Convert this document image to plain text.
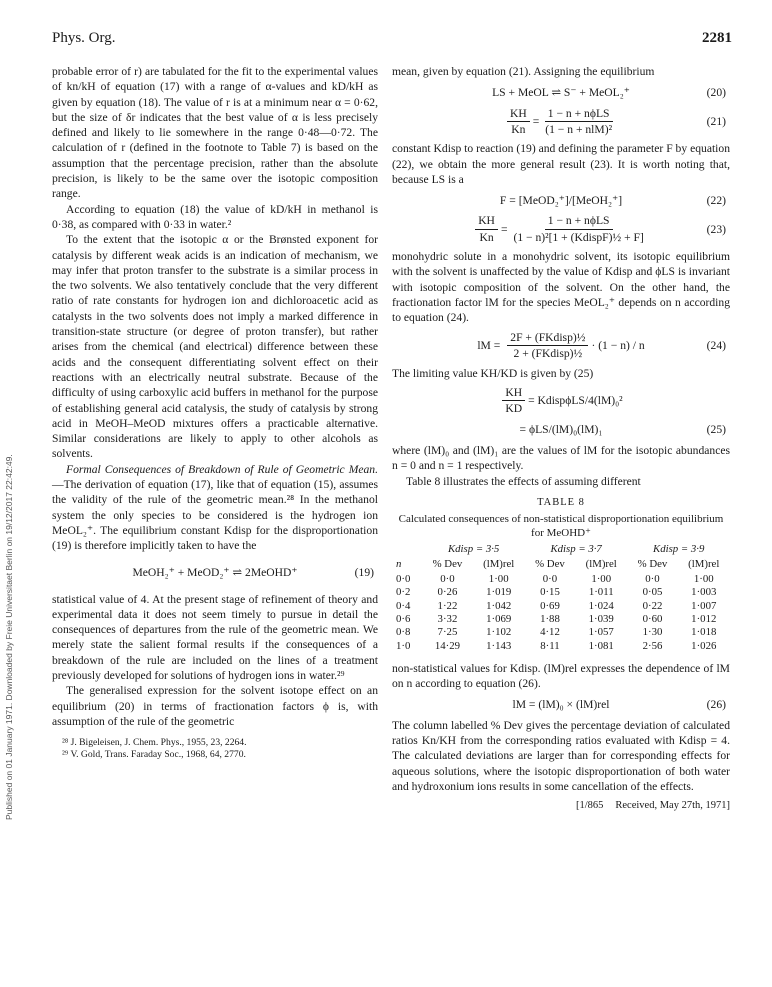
Published on 01 January 1971. Downloaded by Freie Universitaet Berlin on 19/12/2017 22:42:49.
Phys. Org.	2281

probable error of r) are tabulated for the fit to the experimental values of kn/kH of equation (17) with a range of α-values and kD/kH as given by equation (18). The value of r is at a minimum near α = 0·62, but the size of δr indicates that the best value of α is less precisely defined and likely to lie somewhere in the range 0·48—0·72. The calculation of r (defined in the footnote to Table 7) is based on the assumption that the percentage precision, rather than the absolute precision, is likely to be the same over the isotopic composition range.

According to equation (18) the value of kD/kH in methanol is 0·38, as compared with 0·33 in water.²

To the extent that the isotopic α or the Brønsted exponent for catalysis by different weak acids is an indication of mechanism, we may infer that proton transfer to the substrate is a similar process in the two solvents. We also tentatively conclude that the very different ratio of rate constants for hydrogen ion and dichloroacetic acid as catalysts in the two solvents does not imply a marked difference in transition-state structure (or degree of proton transfer), but rather arises from the chemical (and electrical) difference between these acids and the consequent differentiating solvent effect on their reactions with an electrically neutral substrate. Because of the difficulty of using carboxylic acid buffers in methanol for the purpose of establishing general acid catalysis, the study of catalysis by strong acid in MeOH–MeOD mixtures offers a practicable alternative. Similar considerations are likely to apply to other alcohols as solvents.

Formal Consequences of Breakdown of Rule of Geometric Mean.—The derivation of equation (17), like that of equation (15), assumes the validity of the rule of the geometric mean.²⁸ In the methanol system the only species to be considered is the hydrogen ion MeOL₂⁺. The equilibrium constant Kdisp for the disproportionation (19) is therefore implicitly taken to have the

MeOH₂⁺ + MeOD₂⁺ ⇌ 2MeOHD⁺	(19)

statistical value of 4. At the present stage of refinement of theory and experimental data it does not seem timely to pursue in detail the consequences of departures from the rule of the geometric mean. We merely state the salient formal results if the consequences of a breakdown of the rule are included on the lines of a treatment previously developed for solutions of hydrogen ions in water.²⁹

The generalised expression for the solvent isotope effect on an equilibrium (20) in terms of fractionation factors ϕ is, with assumption of the rule of the geometric

²⁸ J. Bigeleisen, J. Chem. Phys., 1955, 23, 2264.

²⁹ V. Gold, Trans. Faraday Soc., 1968, 64, 2770.

mean, given by equation (21). Assigning the equilibrium

LS + MeOL ⇌ S⁻ + MeOL₂⁺	(20)
$\frac{KH}{Kn} = \frac{\text{1 − n + nϕLS}}{\text{(1 − n + nlM)²}}$	(21)

constant Kdisp to reaction (19) and defining the parameter F by equation (22), we obtain the more general result (23). It is worth noting that, because LS is a

F = [MeOD₂⁺]/[MeOH₂⁺]	(22)
$\frac{KH}{Kn} = \frac{\text{1 − n + nϕLS}}{\text{(1 − n)²[1 + (KdispF)½ + F]}}$	(23)

monohydric solute in a monohydric solvent, its isotopic equilibrium with the solvent is unaffected by the value of Kdisp and ϕLS is invariant with isotopic composition of the solvent. On the other hand, the fractionation factor lM for the species MeOL₂⁺ depends on n according to equation (24).

lM = $\frac{\text{2F + (FKdisp)½}}{\text{2 + (FKdisp)½}} \cdot (1 - n) / n$	(24)

The limiting value KH/KD is given by (25)

$\frac{KH}{KD}$ = KdispϕLS/4(lM)₀²
= ϕLS/(lM)₀(lM)₁	(25)

where (lM)₀ and (lM)₁ are the values of lM for the isotopic abundances n = 0 and n = 1 respectively.

Table 8 illustrates the effects of assuming different

TABLE 8
Calculated consequences of non-statistical disproportionation equilibrium for MeOHD⁺
	Kdisp = 3·5		Kdisp = 3·7		Kdisp = 3·9	
n	% Dev	(lM)rel	% Dev	(lM)rel	% Dev	(lM)rel
0·0	0·0	1·00	0·0	1·00	0·0	1·00
0·2	0·26	1·019	0·15	1·011	0·05	1·003
0·4	1·22	1·042	0·69	1·024	0·22	1·007
0·6	3·32	1·069	1·88	1·039	0·60	1·012
0·8	7·25	1·102	4·12	1·057	1·30	1·018
1·0	14·29	1·143	8·11	1·081	2·56	1·026

non-statistical values for Kdisp. (lM)rel expresses the dependence of lM on n according to equation (26).

lM = (lM)₀ × (lM)rel	(26)

The column labelled % Dev gives the percentage deviation of calculated ratios Kn/KH from the corresponding ratios evaluated with Kdisp = 4. The calculated deviations are larger than for corresponding effects for aqueous solutions, where the isotopic disproportionation of both water and hydroxonium ions results in some cancellation of the effects.

[1/865 Received, May 27th, 1971]
